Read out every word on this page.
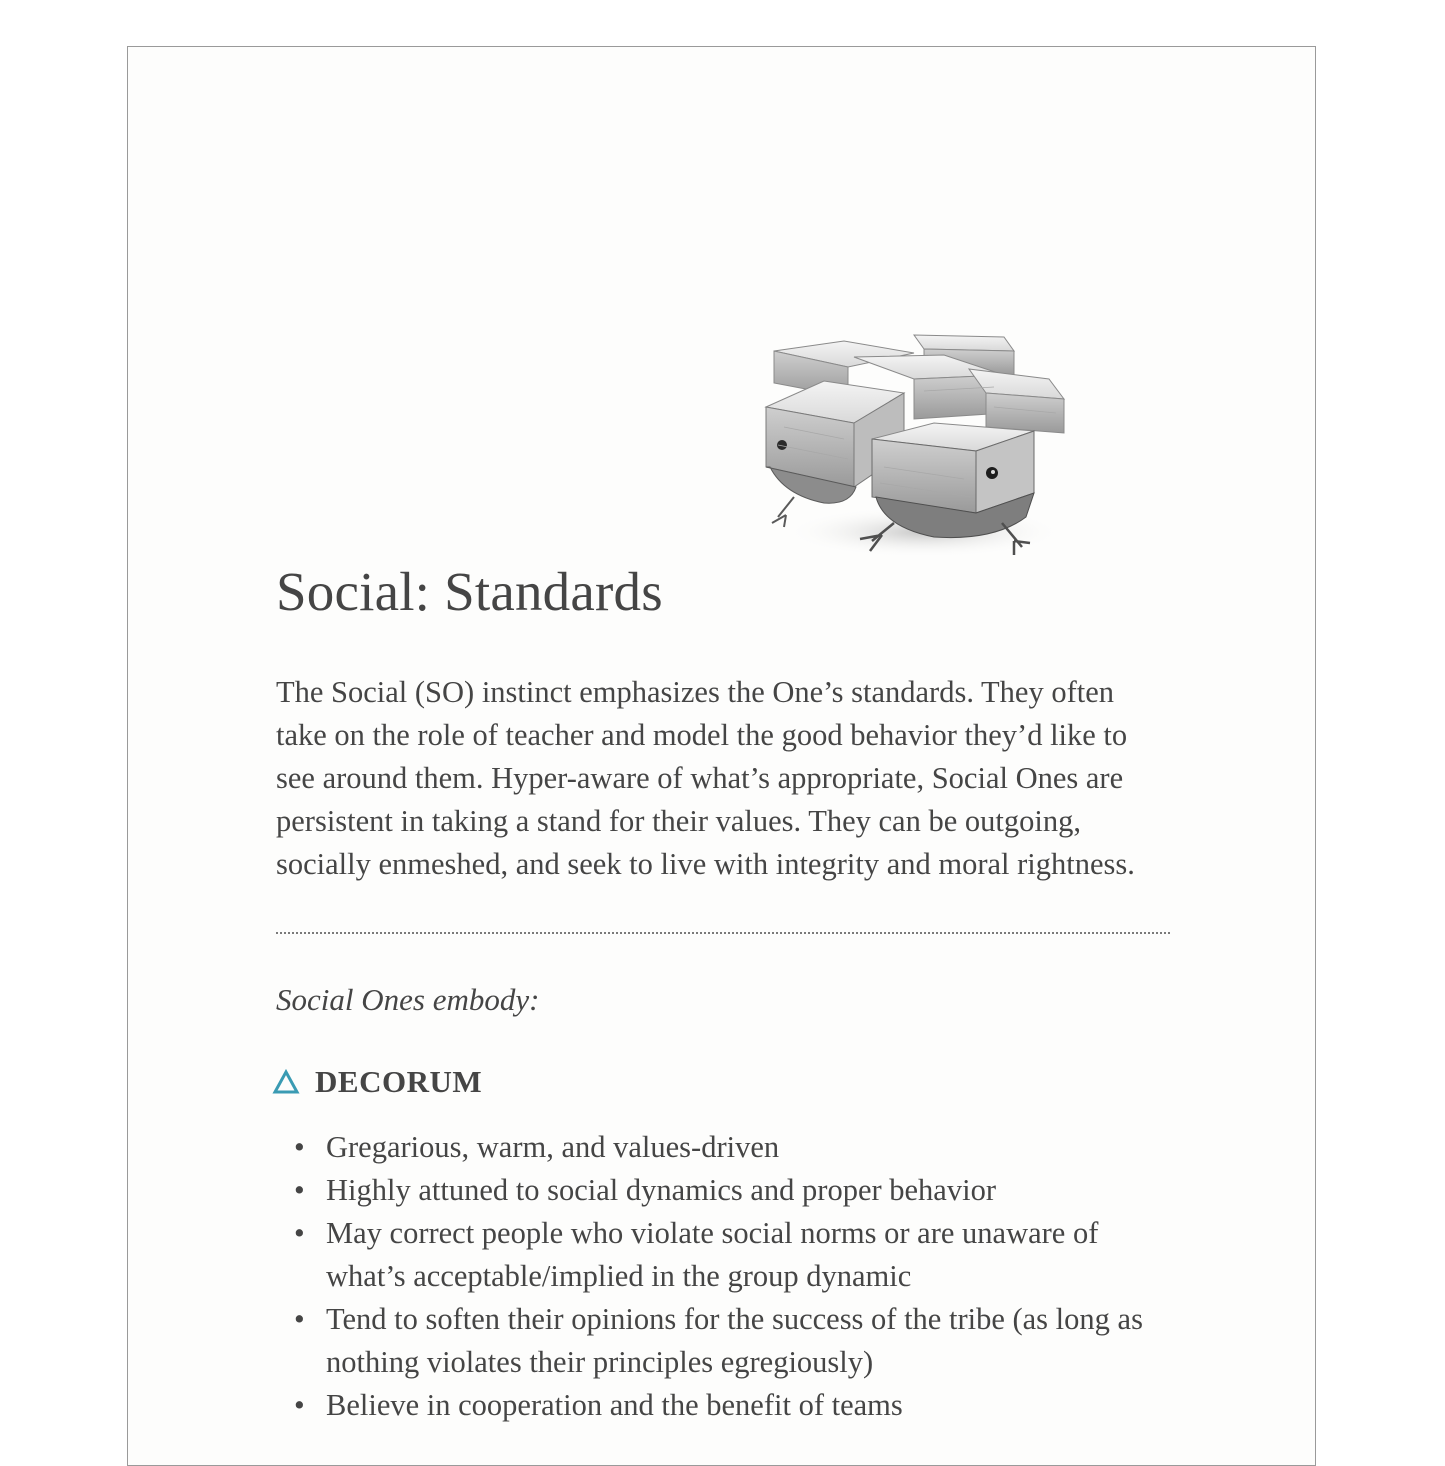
Social: Standards

The Social (SO) instinct emphasizes the One’s standards. They often take on the role of teacher and model the good behavior they’d like to see around them. Hyper-aware of what’s appropriate, Social Ones are persistent in taking a stand for their values. They can be outgoing, socially enmeshed, and seek to live with integrity and moral rightness.

Social Ones embody:

DECORUM
• Gregarious, warm, and values-driven
• Highly attuned to social dynamics and proper behavior
• May correct people who violate social norms or are unaware of what’s acceptable/implied in the group dynamic
• Tend to soften their opinions for the success of the tribe (as long as nothing violates their principles egregiously)
• Believe in cooperation and the benefit of teams
